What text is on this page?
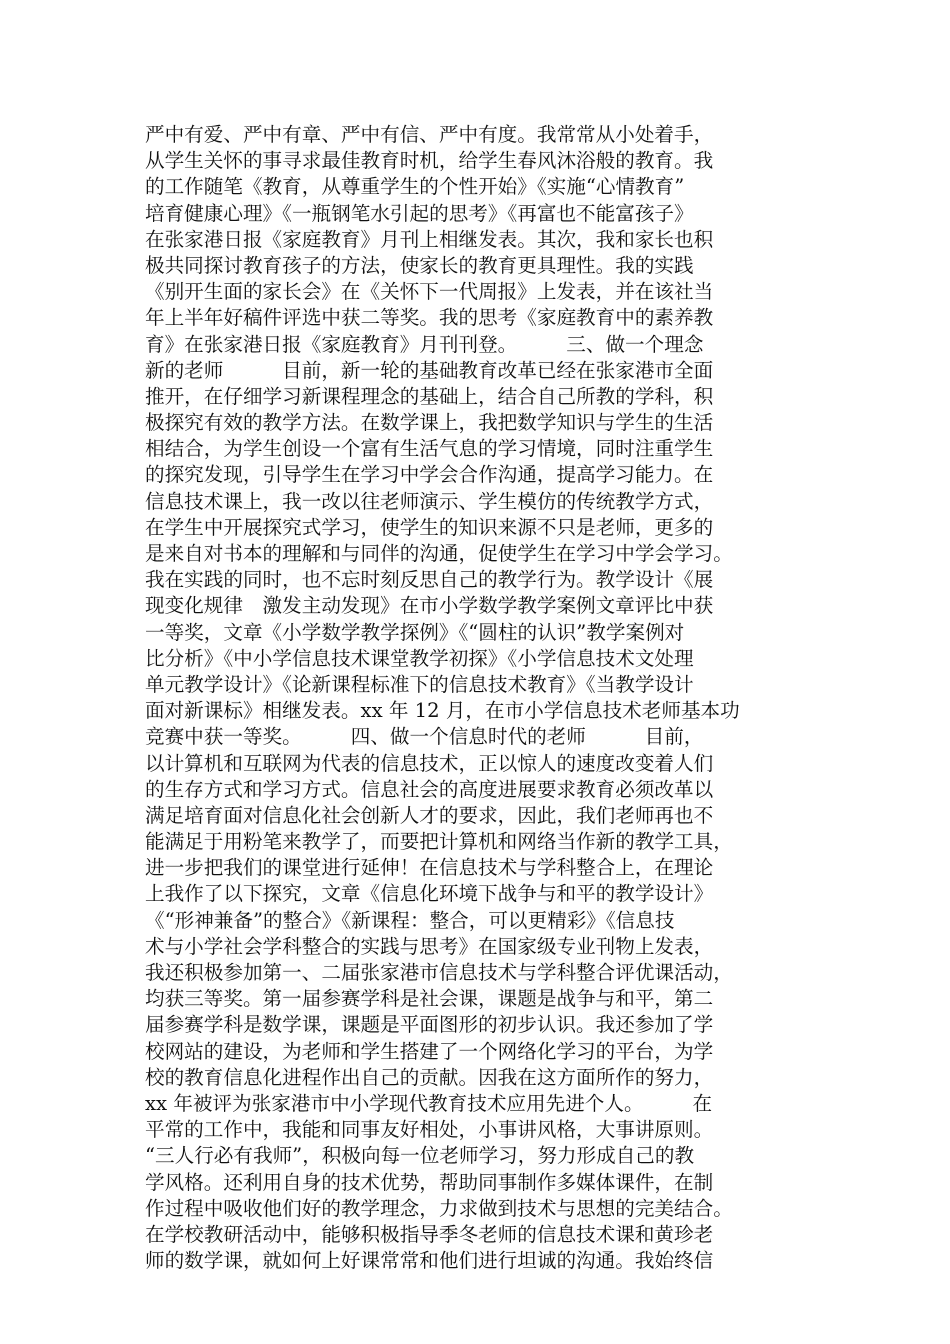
严中有爱、严中有章、严中有信、严中有度。我常常从小处着手，
从学生关怀的事寻求最佳教育时机，给学生春风沐浴般的教育。我
的工作随笔《教育，从尊重学生的个性开始》《实施“心情教育”
培育健康心理》《一瓶钢笔水引起的思考》《再富也不能富孩子》
在张家港日报《家庭教育》月刊上相继发表。其次，我和家长也积
极共同探讨教育孩子的方法，使家长的教育更具理性。我的实践
《别开生面的家长会》在《关怀下一代周报》上发表，并在该社当
年上半年好稿件评选中获二等奖。我的思考《家庭教育中的素养教
育》在张家港日报《家庭教育》月刊刊登。　　　三、做一个理念
新的老师　　　目前，新一轮的基础教育改革已经在张家港市全面
推开，在仔细学习新课程理念的基础上，结合自己所教的学科，积
极探究有效的教学方法。在数学课上，我把数学知识与学生的生活
相结合，为学生创设一个富有生活气息的学习情境，同时注重学生
的探究发现，引导学生在学习中学会合作沟通，提高学习能力。在
信息技术课上，我一改以往老师演示、学生模仿的传统教学方式，
在学生中开展探究式学习，使学生的知识来源不只是老师，更多的
是来自对书本的理解和与同伴的沟通，促使学生在学习中学会学习。
我在实践的同时，也不忘时刻反思自己的教学行为。教学设计《展
现变化规律　激发主动发现》在市小学数学教学案例文章评比中获
一等奖，文章《小学数学教学探例》《“圆柱的认识”教学案例对
比分析》《中小学信息技术课堂教学初探》《小学信息技术文处理
单元教学设计》《论新课程标准下的信息技术教育》《当教学设计
面对新课标》相继发表。xx 年 12 月，在市小学信息技术老师基本功
竞赛中获一等奖。　　　四、做一个信息时代的老师　　　目前，
以计算机和互联网为代表的信息技术，正以惊人的速度改变着人们
的生存方式和学习方式。信息社会的高度进展要求教育必须改革以
满足培育面对信息化社会创新人才的要求，因此，我们老师再也不
能满足于用粉笔来教学了，而要把计算机和网络当作新的教学工具，
进一步把我们的课堂进行延伸！在信息技术与学科整合上，在理论
上我作了以下探究，文章《信息化环境下战争与和平的教学设计》
《“形神兼备”的整合》《新课程：整合，可以更精彩》《信息技
术与小学社会学科整合的实践与思考》在国家级专业刊物上发表，
我还积极参加第一、二届张家港市信息技术与学科整合评优课活动，
均获三等奖。第一届参赛学科是社会课，课题是战争与和平，第二
届参赛学科是数学课，课题是平面图形的初步认识。我还参加了学
校网站的建设，为老师和学生搭建了一个网络化学习的平台，为学
校的教育信息化进程作出自己的贡献。因我在这方面所作的努力，
xx 年被评为张家港市中小学现代教育技术应用先进个人。　　　在
平常的工作中，我能和同事友好相处，小事讲风格，大事讲原则。
“三人行必有我师”，积极向每一位老师学习，努力形成自己的教
学风格。还利用自身的技术优势，帮助同事制作多媒体课件，在制
作过程中吸收他们好的教学理念，力求做到技术与思想的完美结合。
在学校教研活动中，能够积极指导季冬老师的信息技术课和黄珍老
师的数学课，就如何上好课常常和他们进行坦诚的沟通。我始终信
